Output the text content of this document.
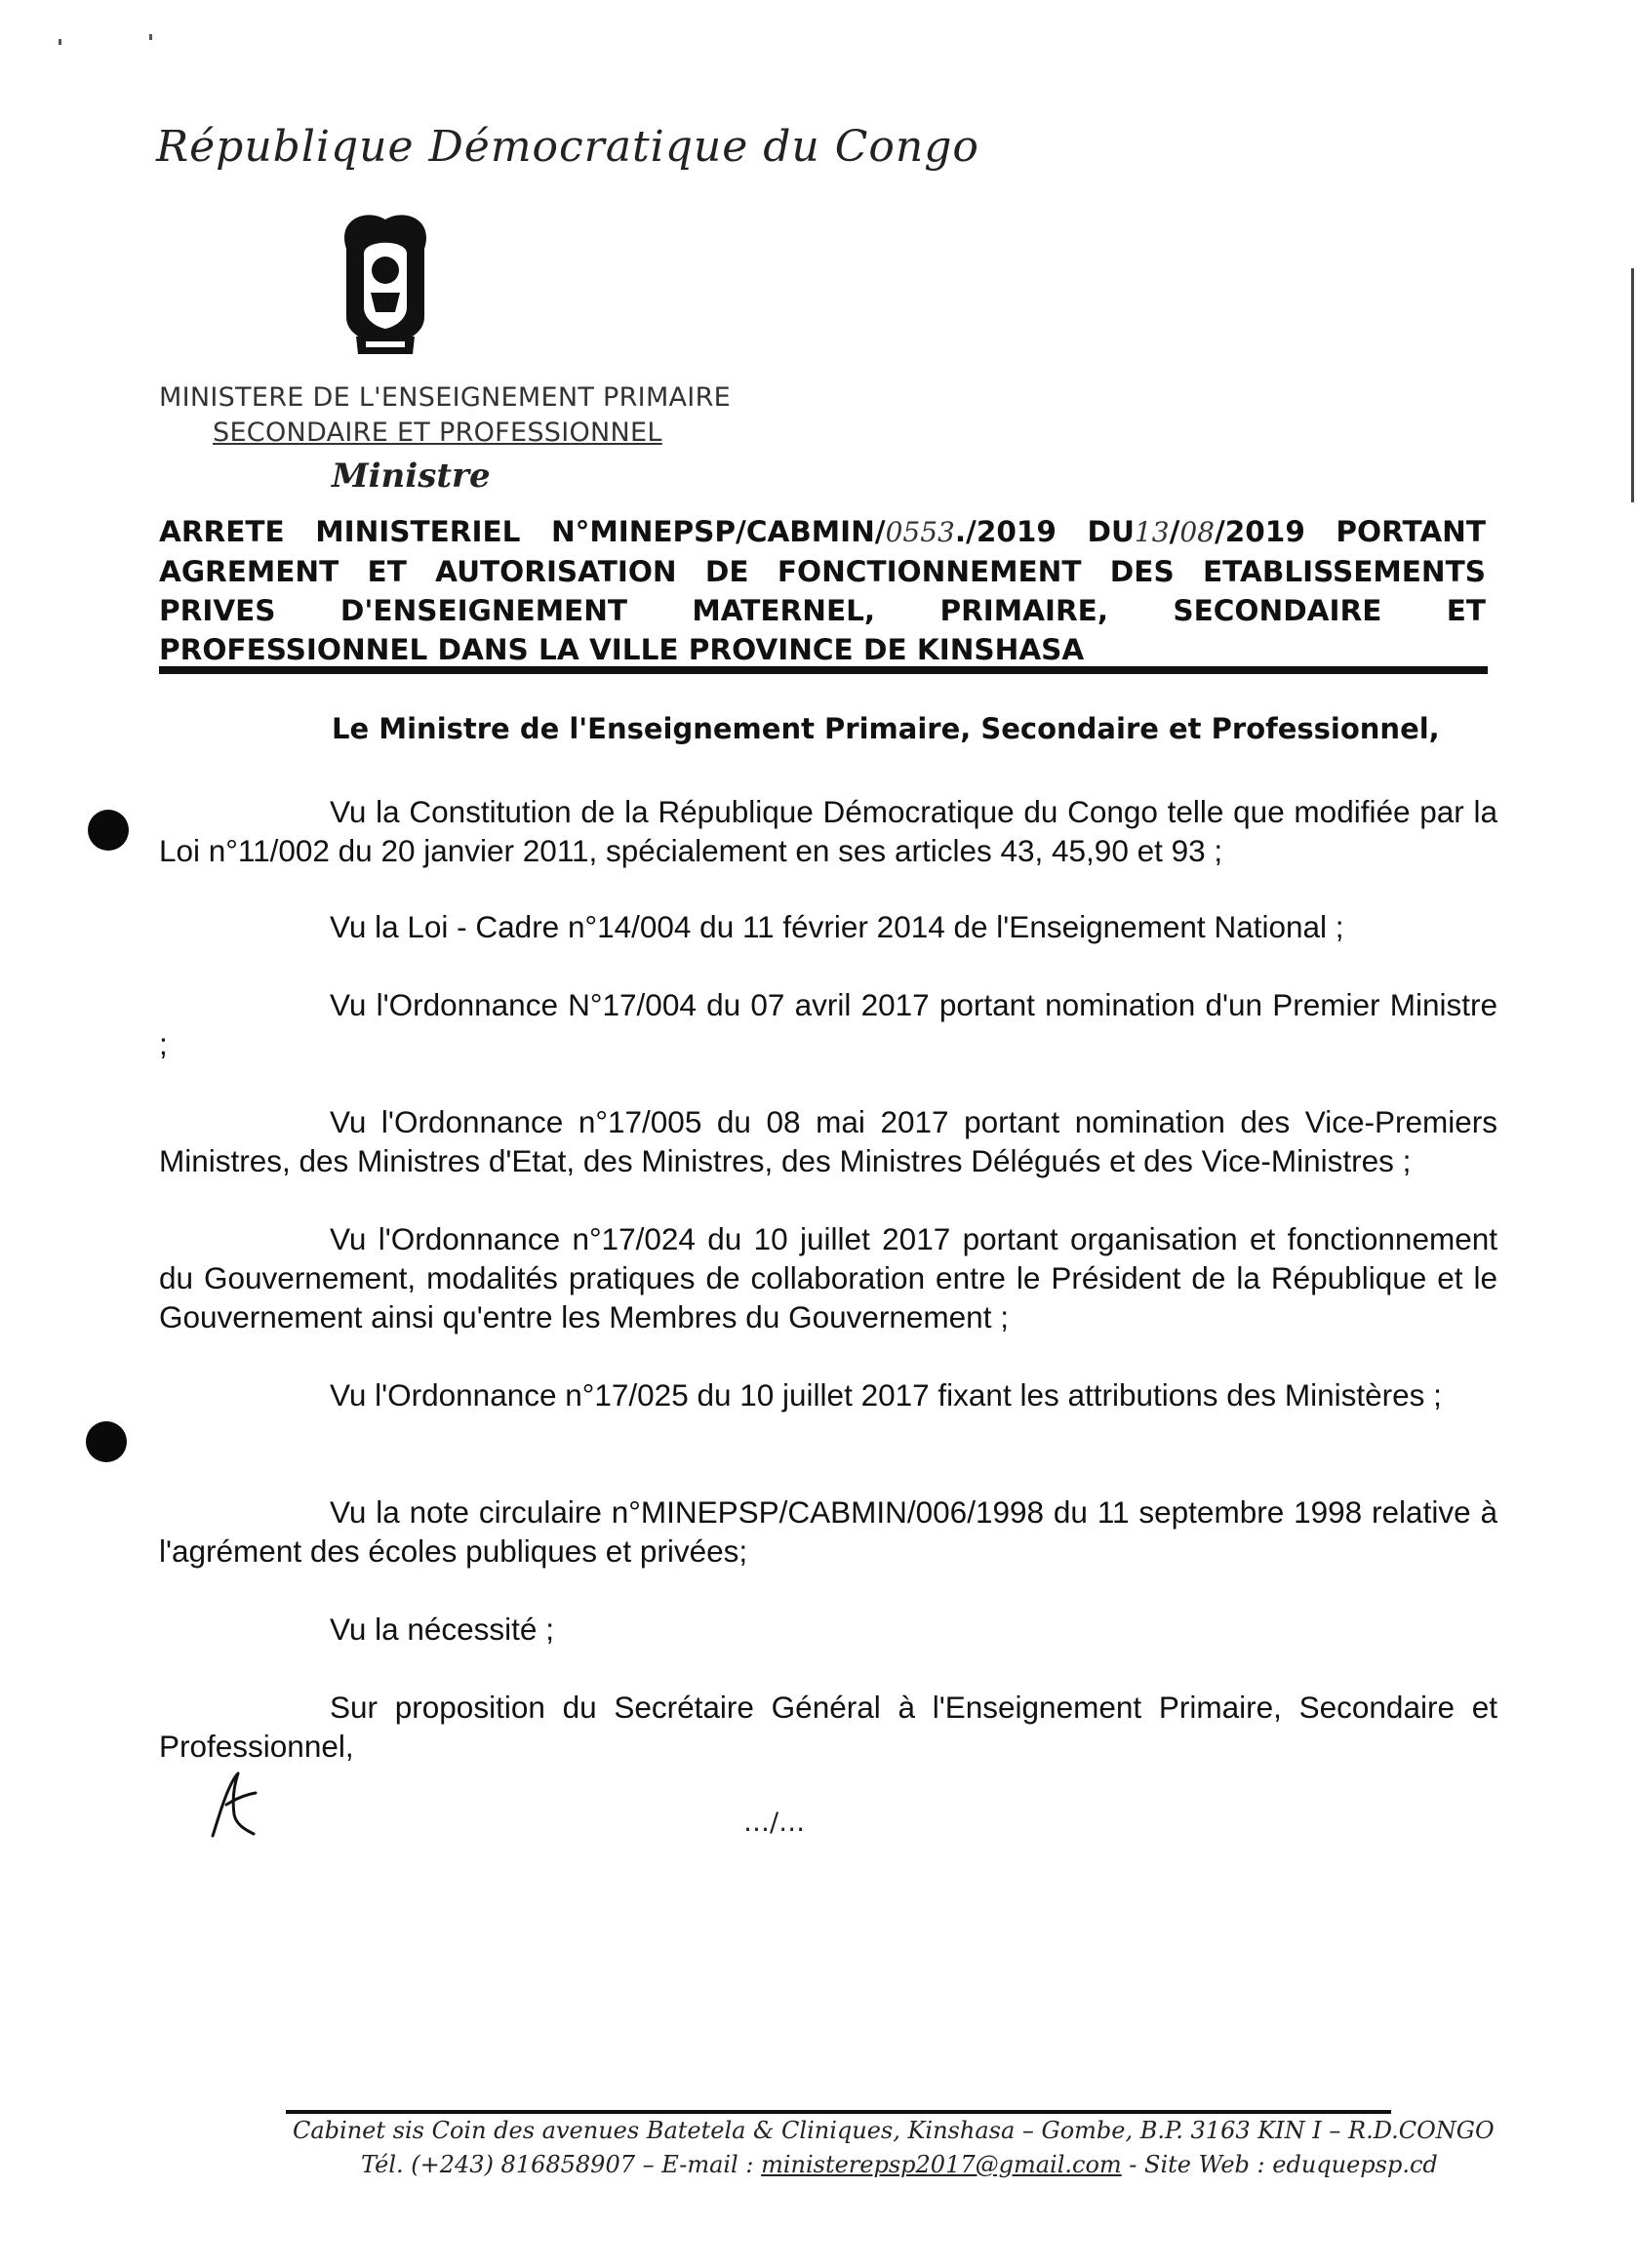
République Démocratique du Congo
MINISTERE DE L'ENSEIGNEMENT PRIMAIRE
SECONDAIRE ET PROFESSIONNEL
Ministre
ARRETE MINISTERIEL N°MINEPSP/CABMIN/0553./2019 DU13/08/2019 PORTANT AGREMENT ET AUTORISATION DE FONCTIONNEMENT DES ETABLISSEMENTS PRIVES D'ENSEIGNEMENT MATERNEL, PRIMAIRE, SECONDAIRE ET PROFESSIONNEL DANS LA VILLE PROVINCE DE KINSHASA
Le Ministre de l'Enseignement Primaire, Secondaire et Professionnel,
Vu la Constitution de la République Démocratique du Congo telle que modifiée par la Loi n°11/002 du 20 janvier 2011, spécialement en ses articles 43, 45,90 et 93 ;
Vu la Loi - Cadre n°14/004 du 11 février 2014 de l'Enseignement National ;
Vu l'Ordonnance N°17/004 du 07 avril 2017 portant nomination d'un Premier Ministre ;
Vu l'Ordonnance n°17/005 du 08 mai 2017 portant nomination des Vice-Premiers Ministres, des Ministres d'Etat, des Ministres, des Ministres Délégués et des Vice-Ministres ;
Vu l'Ordonnance n°17/024 du 10 juillet 2017 portant organisation et fonctionnement du Gouvernement, modalités pratiques de collaboration entre le Président de la République et le Gouvernement ainsi qu'entre les Membres du Gouvernement ;
Vu l'Ordonnance n°17/025 du 10 juillet 2017 fixant les attributions des Ministères ;
Vu la note circulaire n°MINEPSP/CABMIN/006/1998 du 11 septembre 1998 relative à l'agrément des écoles publiques et privées;
Vu la nécessité ;
Sur proposition du Secrétaire Général à l'Enseignement Primaire, Secondaire et Professionnel,
…/…
Cabinet sis Coin des avenues Batetela & Cliniques, Kinshasa – Gombe, B.P. 3163 KIN I – R.D.CONGO
Tél. (+243) 816858907 – E-mail : ministerepsp2017@gmail.com - Site Web : eduquepsp.cd
